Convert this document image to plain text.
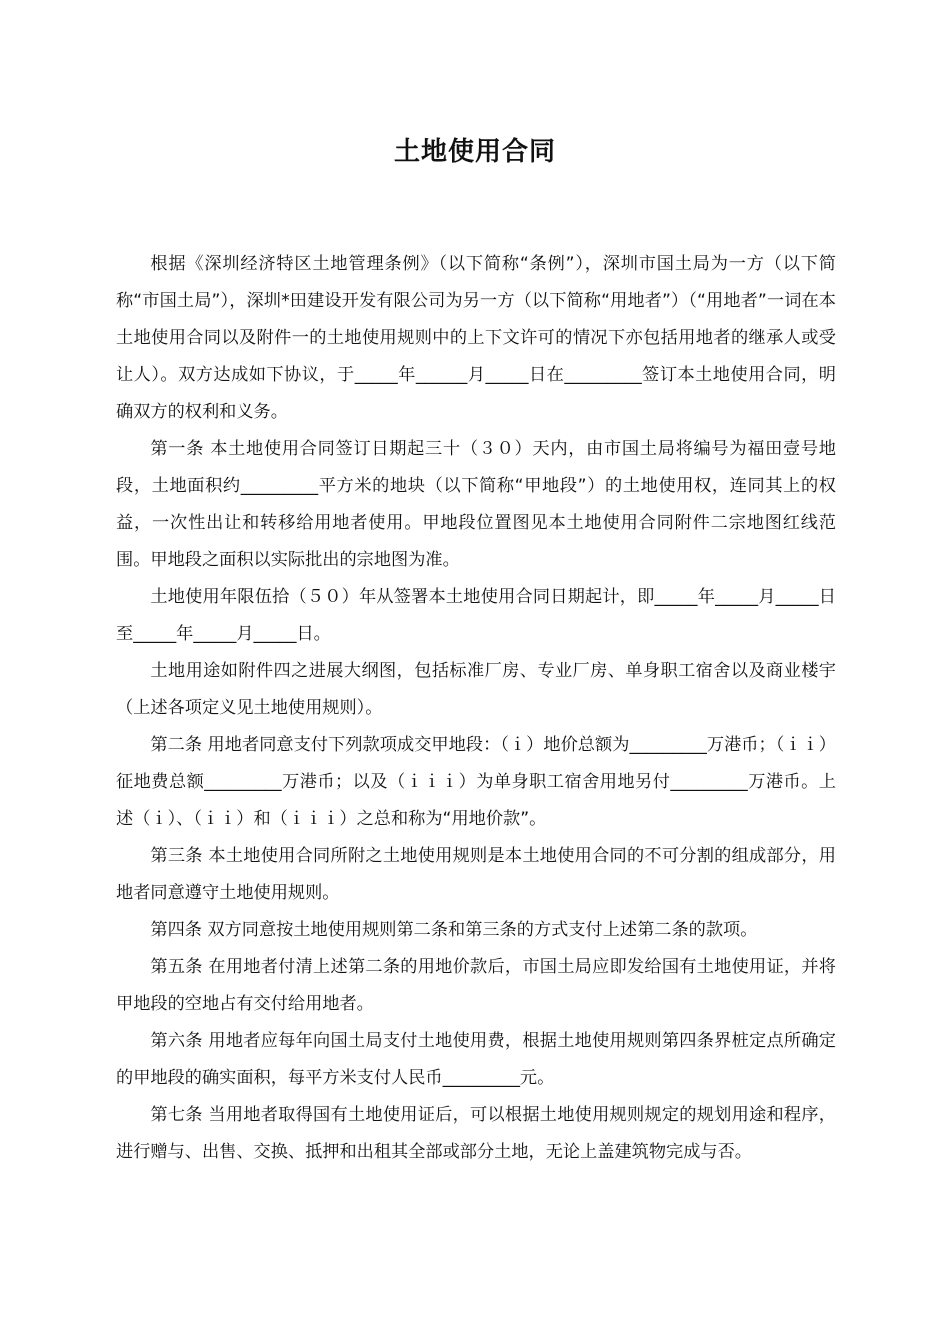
土地使用合同

根据《深圳经济特区土地管理条例》（以下简称“条例”），深圳市国土局为一方（以下简称“市国土局”），深圳*田建设开发有限公司为另一方（以下简称“用地者”）（“用地者”一词在本土地使用合同以及附件一的土地使用规则中的上下文许可的情况下亦包括用地者的继承人或受让人）。双方达成如下协议，于_____年______月_____日在_________签订本土地使用合同，明确双方的权利和义务。

第一条 本土地使用合同签订日期起三十（３０）天内，由市国土局将编号为福田壹号地段，土地面积约_________平方米的地块（以下简称“甲地段”）的土地使用权，连同其上的权益，一次性出让和转移给用地者使用。甲地段位置图见本土地使用合同附件二宗地图红线范围。甲地段之面积以实际批出的宗地图为准。

土地使用年限伍拾（５０）年从签署本土地使用合同日期起计，即_____年_____月_____日至_____年_____月_____日。

土地用途如附件四之进展大纲图，包括标准厂房、专业厂房、单身职工宿舍以及商业楼宇（上述各项定义见土地使用规则）。

第二条 用地者同意支付下列款项成交甲地段：（ｉ）地价总额为_________万港币；（ｉｉ）征地费总额_________万港币；以及（ｉｉｉ）为单身职工宿舍用地另付_________万港币。上述（ｉ）、（ｉｉ）和（ｉｉｉ）之总和称为“用地价款”。

第三条 本土地使用合同所附之土地使用规则是本土地使用合同的不可分割的组成部分，用地者同意遵守土地使用规则。

第四条 双方同意按土地使用规则第二条和第三条的方式支付上述第二条的款项。

第五条 在用地者付清上述第二条的用地价款后，市国土局应即发给国有土地使用证，并将甲地段的空地占有交付给用地者。

第六条 用地者应每年向国土局支付土地使用费，根据土地使用规则第四条界桩定点所确定的甲地段的确实面积，每平方米支付人民币_________元。

第七条 当用地者取得国有土地使用证后，可以根据土地使用规则规定的规划用途和程序，进行赠与、出售、交换、抵押和出租其全部或部分土地，无论上盖建筑物完成与否。
